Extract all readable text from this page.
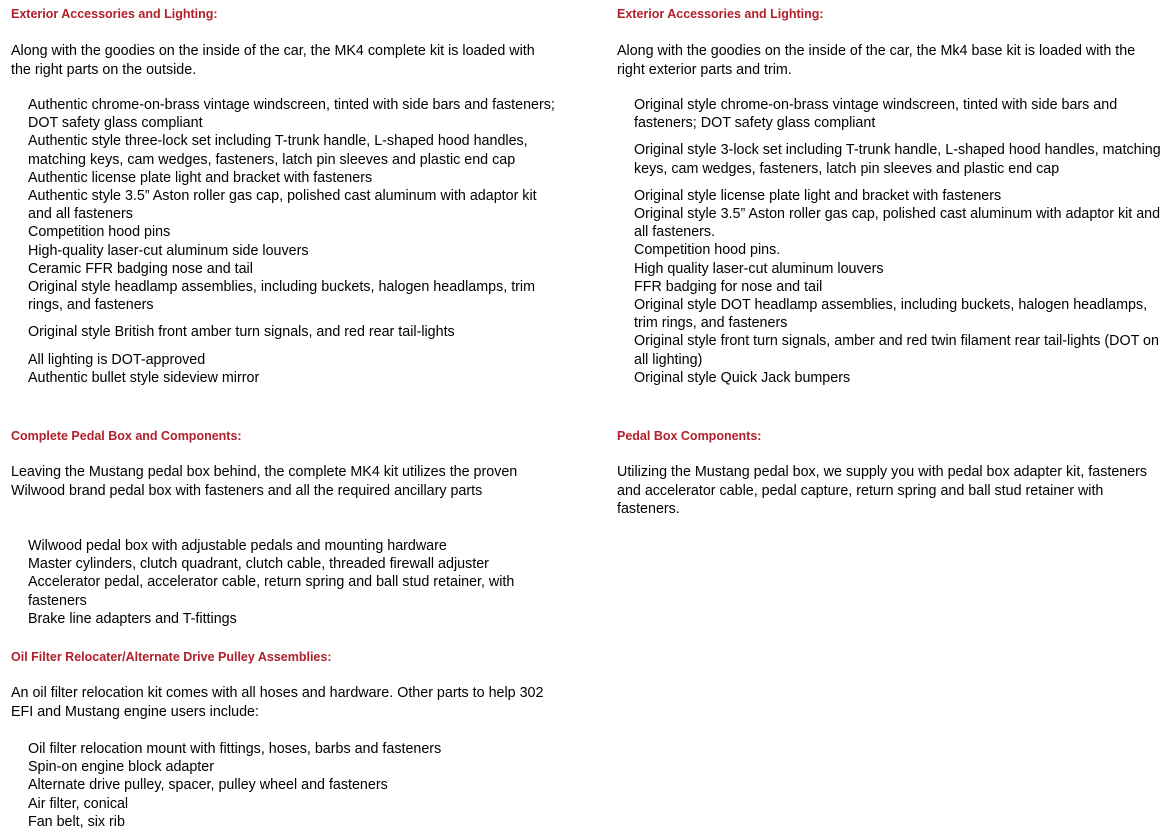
Exterior Accessories and Lighting:

Along with the goodies on the inside of the car, the MK4 complete kit is loaded with the right parts on the outside.

Authentic chrome-on-brass vintage windscreen, tinted with side bars and fasteners; DOT safety glass compliant
Authentic style three-lock set including T-trunk handle, L-shaped hood handles, matching keys, cam wedges, fasteners, latch pin sleeves and plastic end cap
Authentic license plate light and bracket with fasteners
Authentic style 3.5” Aston roller gas cap, polished cast aluminum with adaptor kit and all fasteners
Competition hood pins
High-quality laser-cut aluminum side louvers
Ceramic FFR badging nose and tail
Original style headlamp assemblies, including buckets, halogen headlamps, trim rings, and fasteners
Original style British front amber turn signals, and red rear tail-lights
All lighting is DOT-approved
Authentic bullet style sideview mirror
Complete Pedal Box and Components:

Leaving the Mustang pedal box behind, the complete MK4 kit utilizes the proven Wilwood brand pedal box with fasteners and all the required ancillary parts

Wilwood pedal box with adjustable pedals and mounting hardware
Master cylinders, clutch quadrant, clutch cable, threaded firewall adjuster
Accelerator pedal, accelerator cable, return spring and ball stud retainer, with fasteners
Brake line adapters and T-fittings
Oil Filter Relocater/Alternate Drive Pulley Assemblies:

An oil filter relocation kit comes with all hoses and hardware. Other parts to help 302 EFI and Mustang engine users include:

Oil filter relocation mount with fittings, hoses, barbs and fasteners
Spin-on engine block adapter
Alternate drive pulley, spacer, pulley wheel and fasteners
Air filter, conical
Fan belt, six rib
Exterior Accessories and Lighting:

Along with the goodies on the inside of the car, the Mk4 base kit is loaded with the right exterior parts and trim.

Original style chrome-on-brass vintage windscreen, tinted with side bars and fasteners; DOT safety glass compliant
Original style 3-lock set including T-trunk handle, L-shaped hood handles, matching keys, cam wedges, fasteners, latch pin sleeves and plastic end cap
Original style license plate light and bracket with fasteners
Original style 3.5” Aston roller gas cap, polished cast aluminum with adaptor kit and all fasteners.
Competition hood pins.
High quality laser-cut aluminum louvers
FFR badging for nose and tail
Original style DOT headlamp assemblies, including buckets, halogen headlamps, trim rings, and fasteners
Original style front turn signals, amber and red twin filament rear tail-lights (DOT on all lighting)
Original style Quick Jack bumpers
Pedal Box Components:

Utilizing the Mustang pedal box, we supply you with pedal box adapter kit, fasteners and accelerator cable, pedal capture, return spring and ball stud retainer with fasteners.
